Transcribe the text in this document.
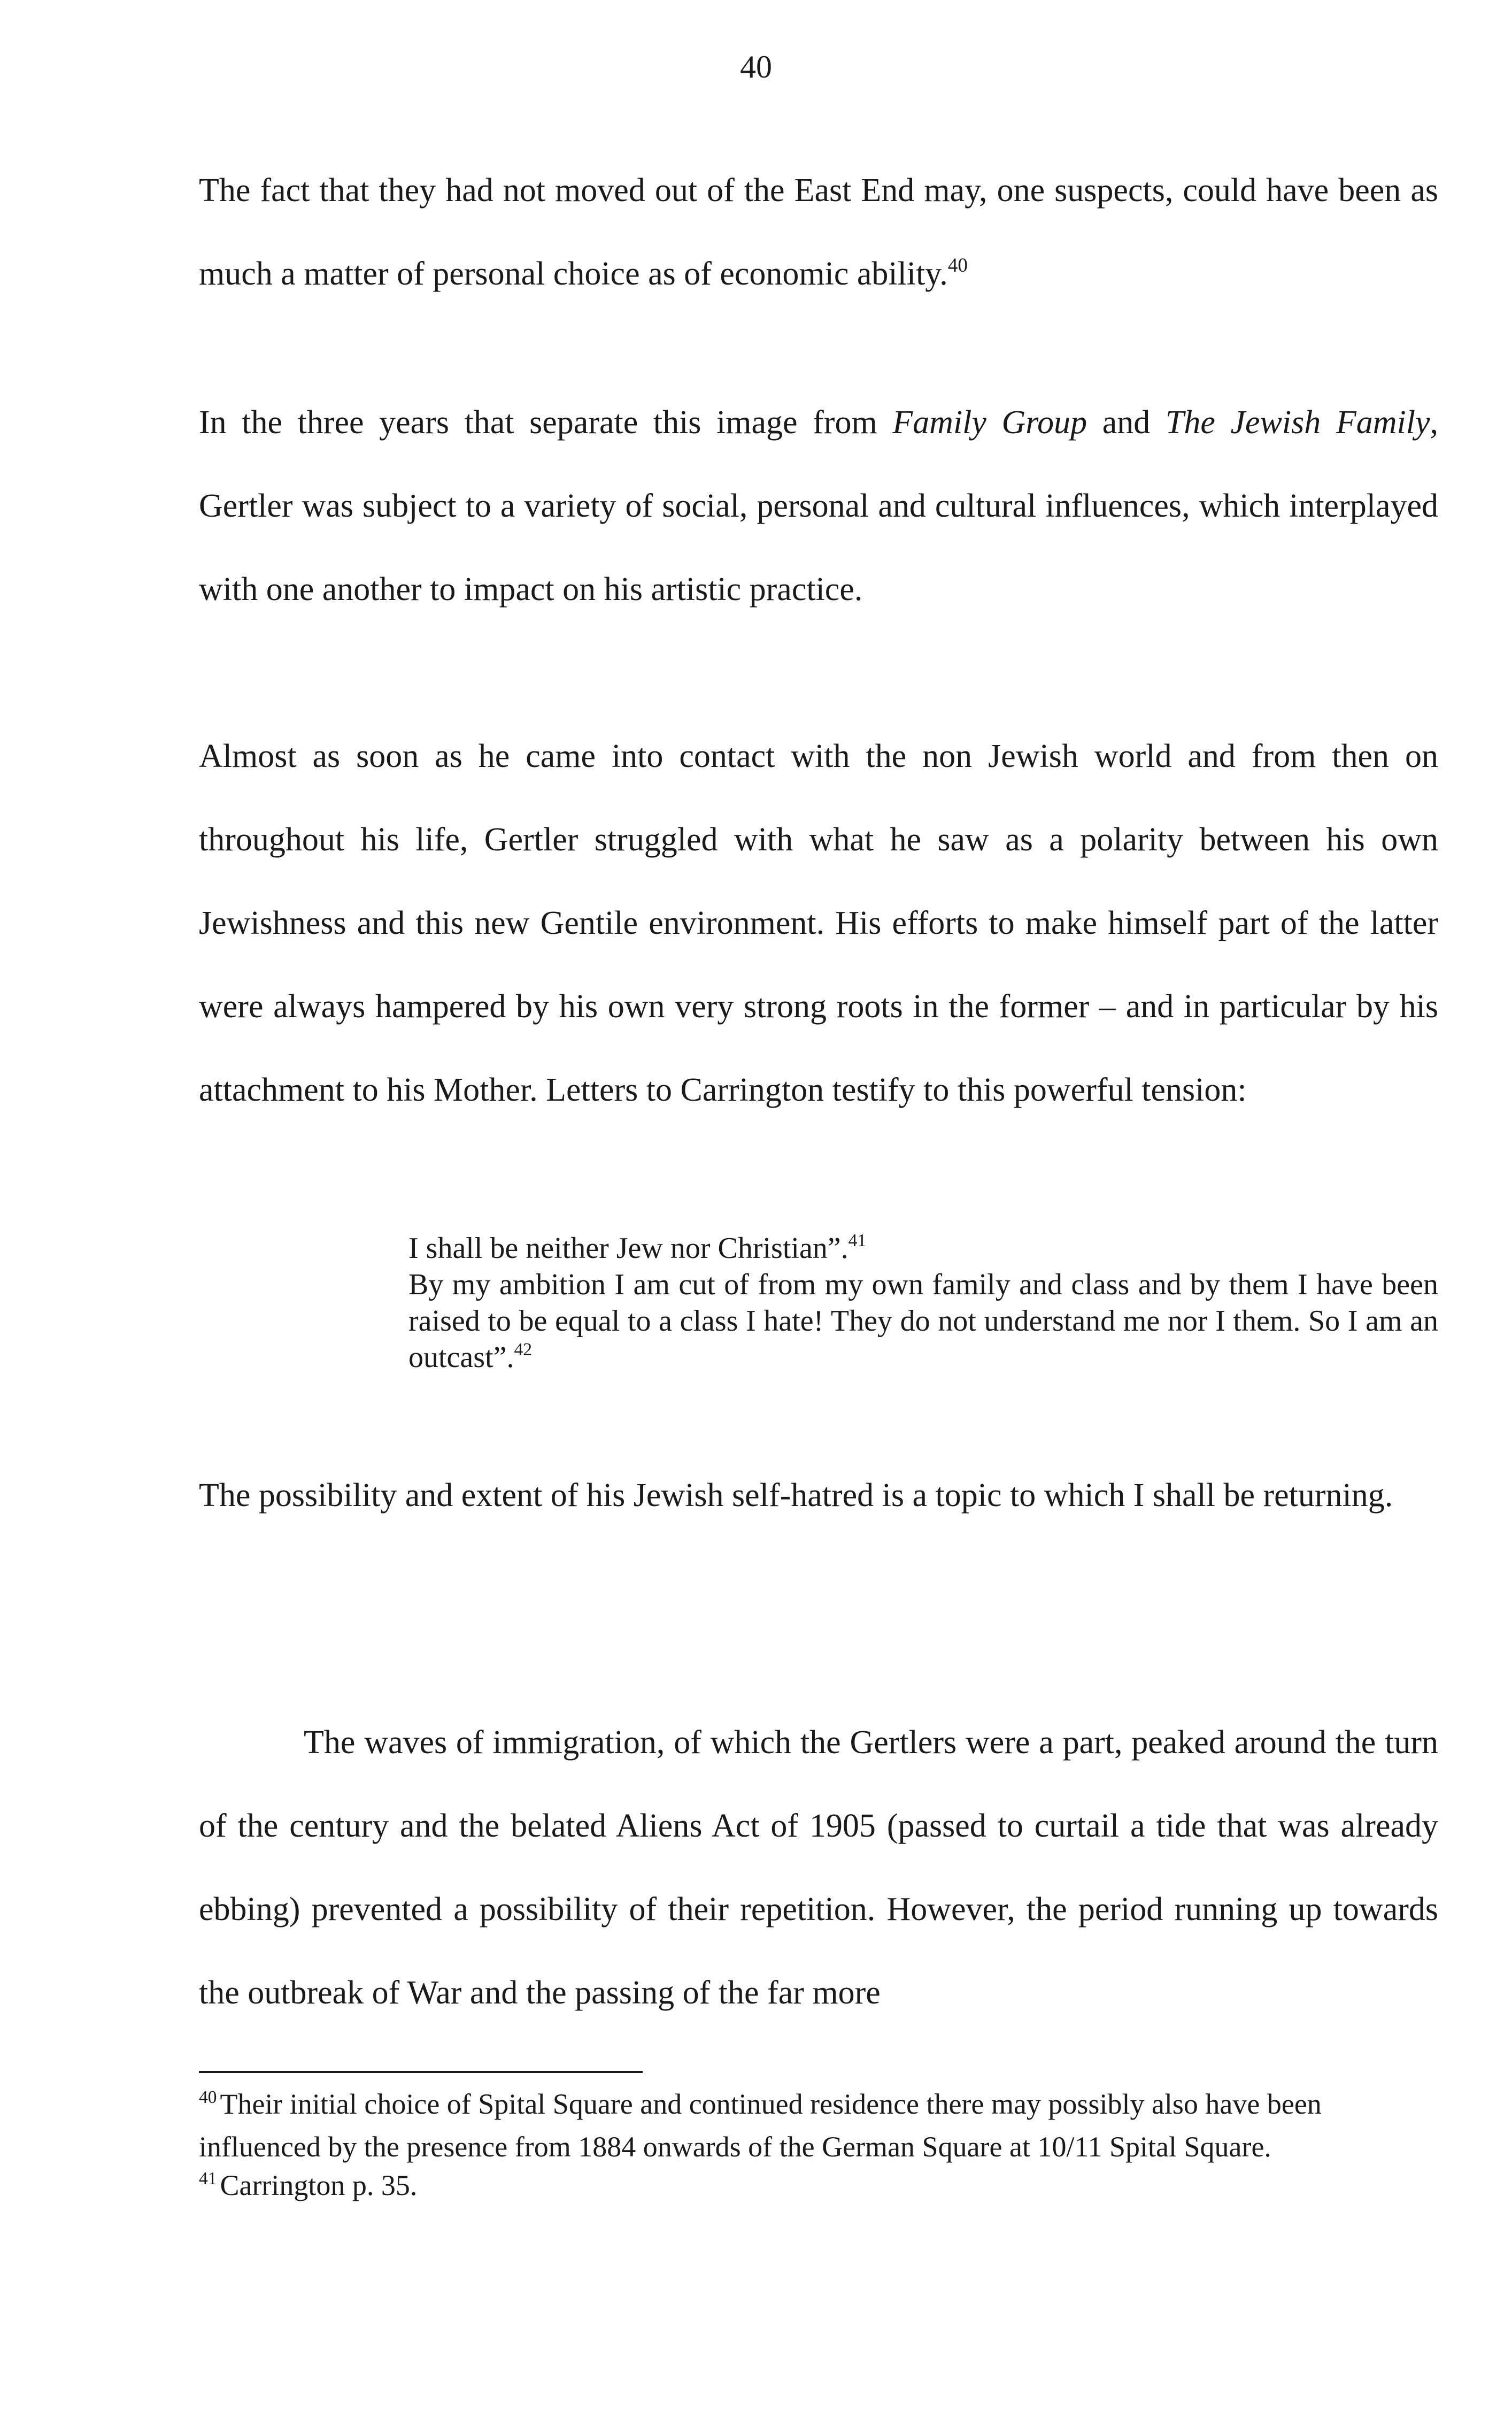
40

The fact that they had not moved out of the East End may, one suspects, could have been as much a matter of personal choice as of economic ability.$^{40}$

In the three years that separate this image from Family Group and The Jewish Family, Gertler was subject to a variety of social, personal and cultural influences, which interplayed with one another to impact on his artistic practice.

Almost as soon as he came into contact with the non Jewish world and from then on throughout his life, Gertler struggled with what he saw as a polarity between his own Jewishness and this new Gentile environment. His efforts to make himself part of the latter were always hampered by his own very strong roots in the former – and in particular by his attachment to his Mother. Letters to Carrington testify to this powerful tension:

I shall be neither Jew nor Christian”.$^{41}$
By my ambition I am cut of from my own family and class and by them I have been raised to be equal to a class I hate! They do not understand me nor I them. So I am an outcast”.$^{42}$

The possibility and extent of his Jewish self-hatred is a topic to which I shall be returning.

The waves of immigration, of which the Gertlers were a part, peaked around the turn of the century and the belated Aliens Act of 1905 (passed to curtail a tide that was already ebbing) prevented a possibility of their repetition. However, the period running up towards the outbreak of War and the passing of the far more

$^{40}$ Their initial choice of Spital Square and continued residence there may possibly also have been influenced by the presence from 1884 onwards of the German Square at 10/11 Spital Square.

$^{41}$ Carrington p. 35.
